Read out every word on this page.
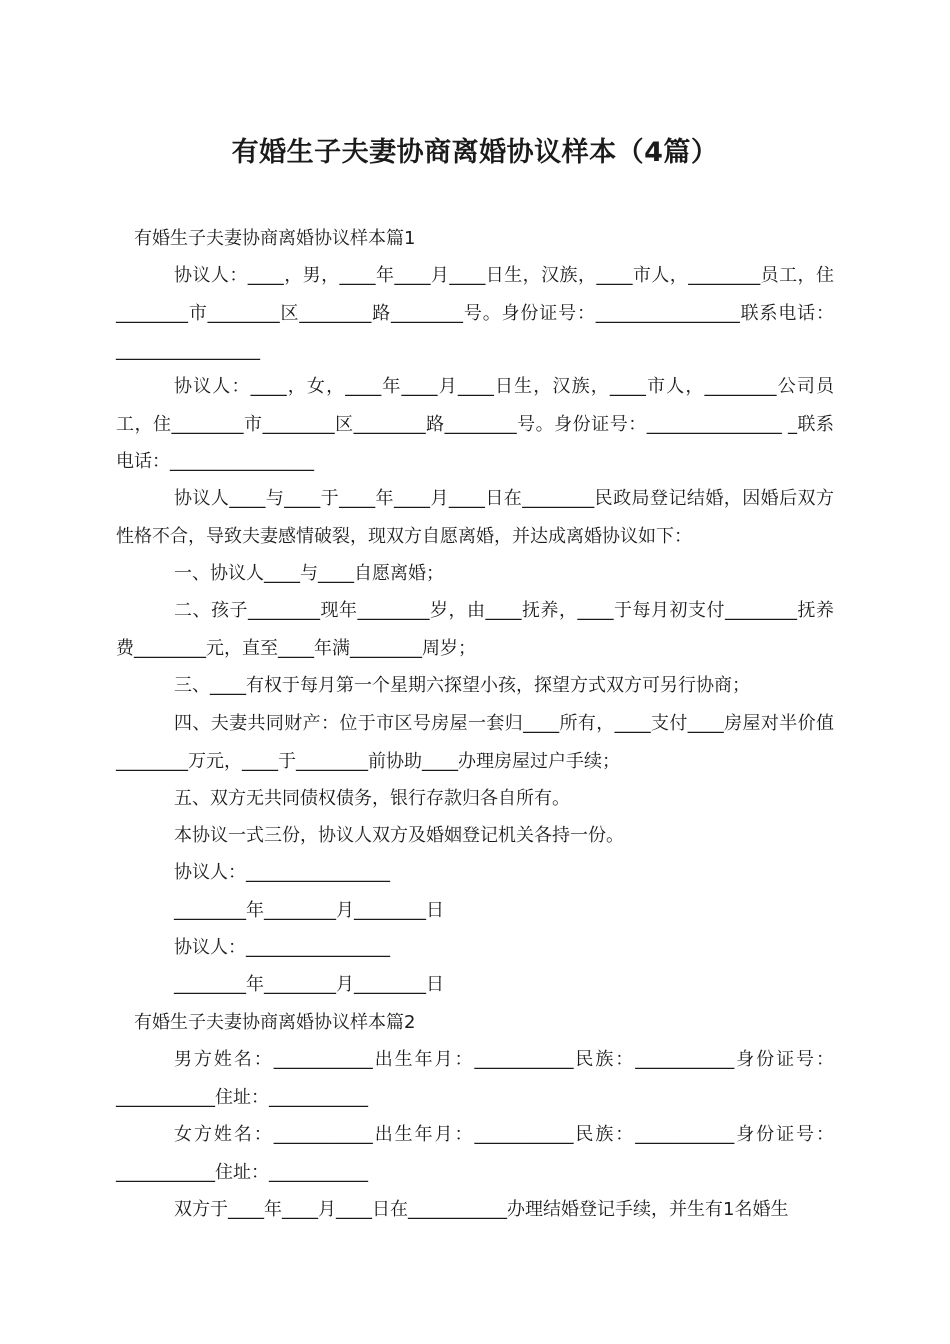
有婚生子夫妻协商离婚协议样本（4篇）
有婚生子夫妻协商离婚协议样本篇1

协议人：____，男，____年____月____日生，汉族，____市人，________员工，住________市________区________路________号。身份证号：________________联系电话：________________

协议人：____，女，____年____月____日生，汉族，____市人，________公司员工，住________市________区________路________号。身份证号：_______________ _联系电话：________________

协议人____与____于____年____月____日在________民政局登记结婚，因婚后双方性格不合，导致夫妻感情破裂，现双方自愿离婚，并达成离婚协议如下：

一、协议人____与____自愿离婚；

二、孩子________现年________岁，由____抚养，____于每月初支付________抚养费________元，直至____年满________周岁；

三、____有权于每月第一个星期六探望小孩，探望方式双方可另行协商；

四、夫妻共同财产：位于市区号房屋一套归____所有，____支付____房屋对半价值________万元，____于________前协助____办理房屋过户手续；

五、双方无共同债权债务，银行存款归各自所有。

本协议一式三份，协议人双方及婚姻登记机关各持一份。

协议人：________________

________年________月________日

协议人：________________

________年________月________日

有婚生子夫妻协商离婚协议样本篇2

男方姓名：___________出生年月：___________民族：___________身份证号：___________住址：___________

女方姓名：___________出生年月：___________民族：___________身份证号：___________住址：___________

双方于____年____月____日在___________办理结婚登记手续，并生有1名婚生
